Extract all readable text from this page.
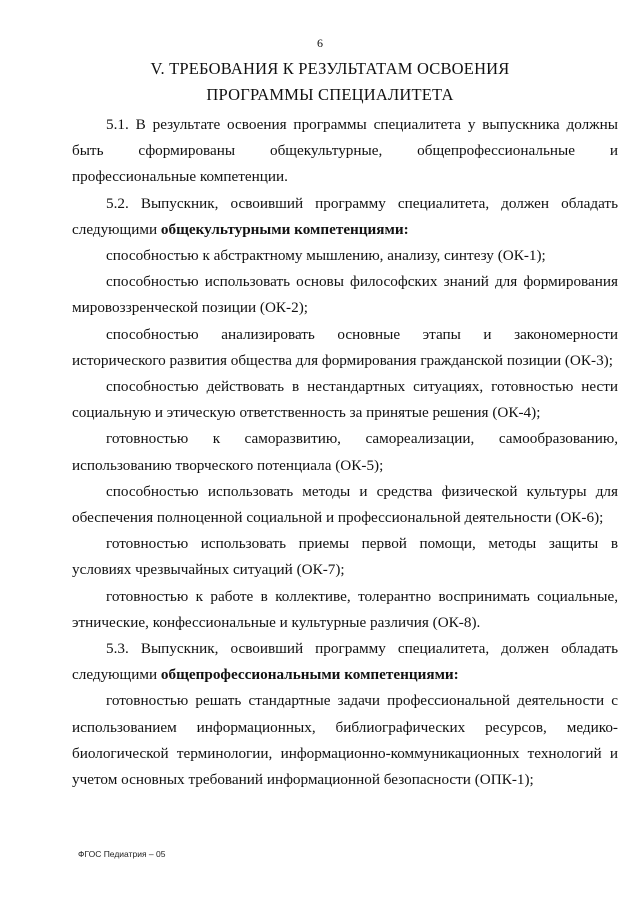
6
V. ТРЕБОВАНИЯ К РЕЗУЛЬТАТАМ ОСВОЕНИЯ
ПРОГРАММЫ СПЕЦИАЛИТЕТА

5.1. В результате освоения программы специалитета у выпускника должны быть сформированы общекультурные, общепрофессиональные и профессиональные компетенции.

5.2. Выпускник, освоивший программу специалитета, должен обладать следующими общекультурными компетенциями:

способностью к абстрактному мышлению, анализу, синтезу (ОК-1);

способностью использовать основы философских знаний для формирования мировоззренческой позиции (ОК-2);

способностью анализировать основные этапы и закономерности исторического развития общества для формирования гражданской позиции (ОК-3);

способностью действовать в нестандартных ситуациях, готовностью нести социальную и этическую ответственность за принятые решения (ОК-4);

готовностью к саморазвитию, самореализации, самообразованию, использованию творческого потенциала (ОК-5);

способностью использовать методы и средства физической культуры для обеспечения полноценной социальной и профессиональной деятельности (ОК-6);

готовностью использовать приемы первой помощи, методы защиты в условиях чрезвычайных ситуаций (ОК-7);

готовностью к работе в коллективе, толерантно воспринимать социальные, этнические, конфессиональные и культурные различия (ОК-8).

5.3. Выпускник, освоивший программу специалитета, должен обладать следующими общепрофессиональными компетенциями:

готовностью решать стандартные задачи профессиональной деятельности с использованием информационных, библиографических ресурсов, медико-биологической терминологии, информационно-коммуникационных технологий и учетом основных требований информационной безопасности (ОПК-1);

ФГОС Педиатрия – 05
